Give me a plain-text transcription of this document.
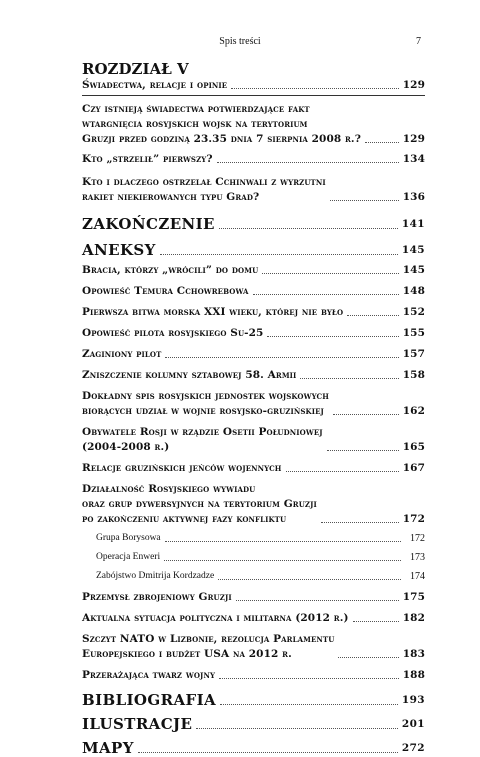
Spis treści	7
ROZDZIAŁ V
Świadectwa, relacje i opinie	129
Czy istnieją świadectwa potwierdzające fakt
wtargnięcia rosyjskich wojsk na terytorium
Gruzji przed godziną 23.35 dnia 7 sierpnia 2008 r.?	129
Kto „strzelił” pierwszy?	134
Kto i dlaczego ostrzelał Cchinwali z wyrzutni
rakiet niekierowanych typu Grad?	136
ZAKOŃCZENIE	141
ANEKSY	145
Bracia, którzy „wrócili” do domu	145
Opowieść Temura Cchowrebowa	148
Pierwsza bitwa morska XXI wieku, której nie było	152
Opowieść pilota rosyjskiego Su-25	155
Zaginiony pilot	157
Zniszczenie kolumny sztabowej 58. Armii	158
Dokładny spis rosyjskich jednostek wojskowych
biorących udział w wojnie rosyjsko-gruzińskiej	162
Obywatele Rosji w rządzie Osetii Południowej
(2004-2008 r.)	165
Relacje gruzińskich jeńców wojennych	167
Działalność Rosyjskiego wywiadu
oraz grup dywersyjnych na terytorium Gruzji
po zakończeniu aktywnej fazy konfliktu	172
Grupa Borysowa	172
Operacja Enweri	173
Zabójstwo Dmitrija Kordzadze	174
Przemysł zbrojeniowy Gruzji	175
Aktualna sytuacja polityczna i militarna (2012 r.)	182
Szczyt NATO w Lizbonie, rezolucja Parlamentu
Europejskiego i budżet USA na 2012 r.	183
Przerażająca twarz wojny	188
BIBLIOGRAFIA	193
ILUSTRACJE	201
MAPY	272
